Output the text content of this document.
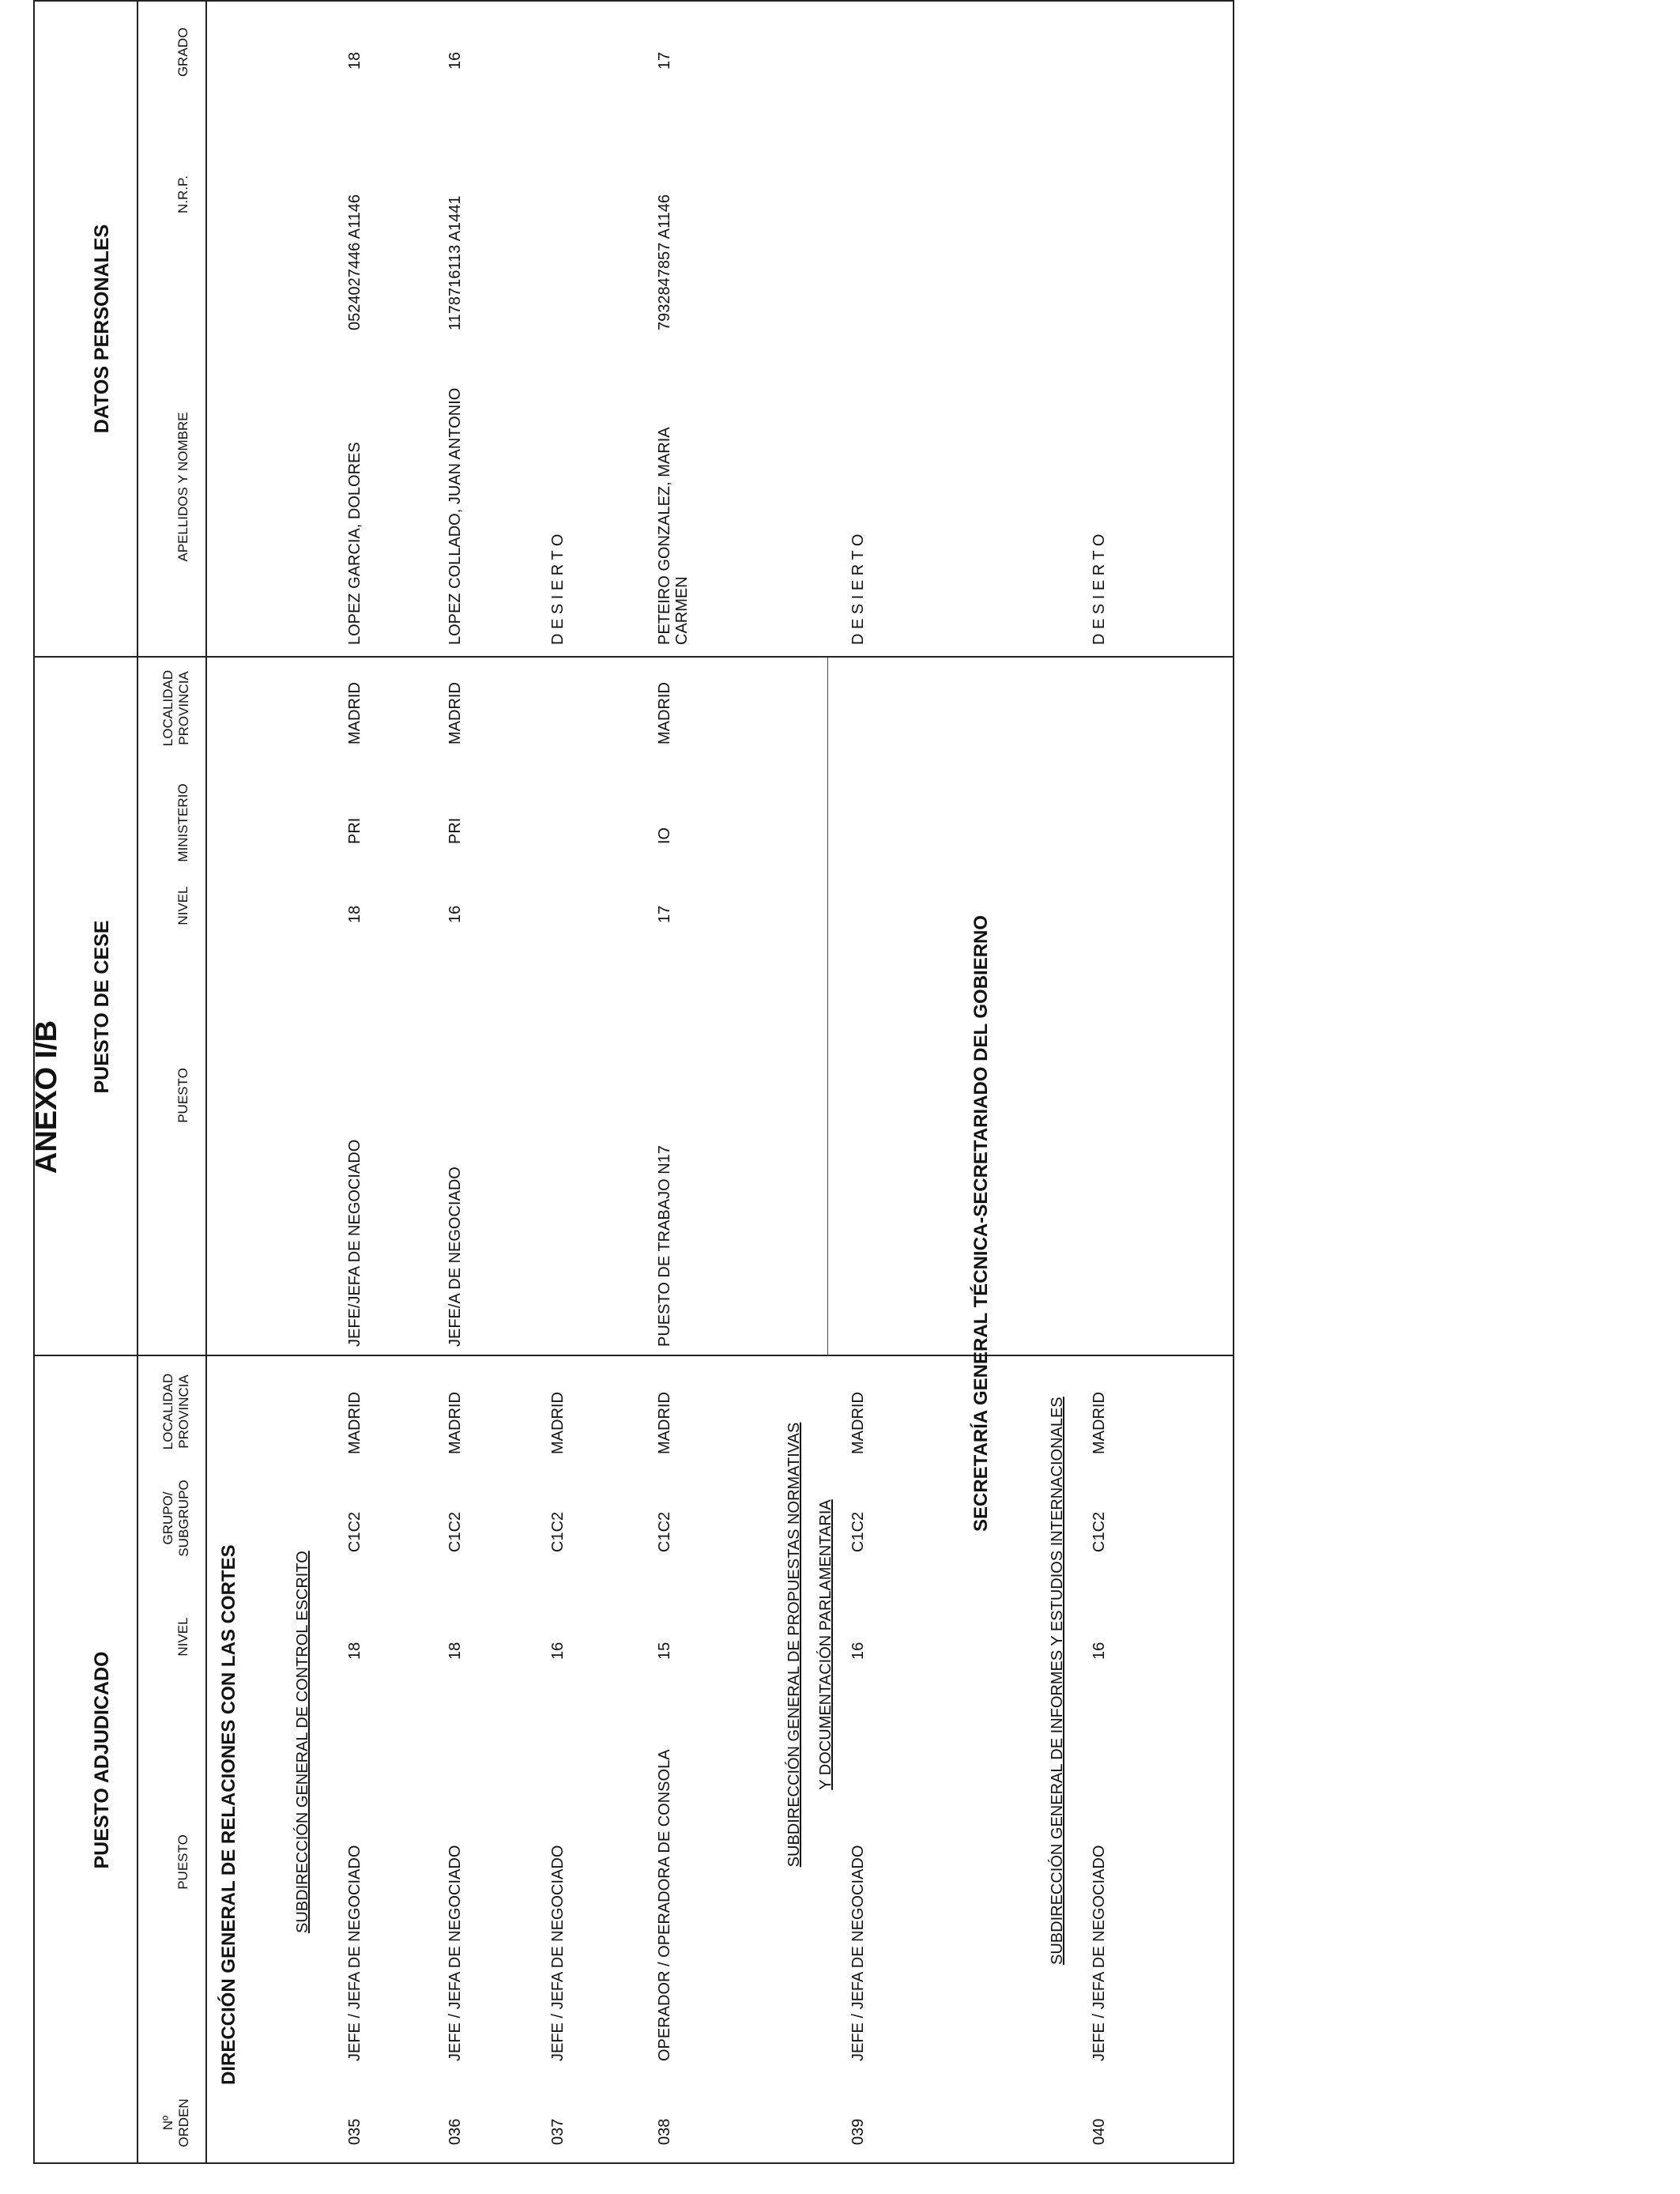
ANEXO I/B
PUESTO ADJUDICADO
PUESTO DE CESE
DATOS PERSONALES
Nº ORDEN
PUESTO
NIVEL
GRUPO/ SUBGRUPO
LOCALIDAD PROVINCIA
PUESTO
NIVEL
MINISTERIO
LOCALIDAD PROVINCIA
APELLIDOS Y NOMBRE
N.R.P.
GRADO
DIRECCIÓN GENERAL DE RELACIONES CON LAS CORTES
SECRETARÍA GENERAL TÉCNICA-SECRETARIADO DEL GOBIERNO
SUBDIRECCIÓN GENERAL DE CONTROL ESCRITO	SUBDIRECCIÓN GENERAL DE PROPUESTAS NORMATIVAS Y DOCUMENTACIÓN PARLAMENTARIA	SUBDIRECCIÓN GENERAL DE INFORMES Y ESTUDIOS INTERNACIONALES
035
JEFE / JEFA DE NEGOCIADO
18
C1C2
MADRID
JEFE/JEFA DE NEGOCIADO
18
PRI
MADRID
0524027446 A1146
18
LOPEZ GARCIA, DOLORES
036
JEFE / JEFA DE NEGOCIADO
18
C1C2
MADRID
JEFE/A DE NEGOCIADO
16
PRI
MADRID
1178716113 A1441
16
LOPEZ COLLADO, JUAN ANTONIO
037
JEFE / JEFA DE NEGOCIADO
16
C1C2
MADRID
D E S I E R T O
038
OPERADOR / OPERADORA DE CONSOLA
15
C1C2
MADRID
PUESTO DE TRABAJO N17
17
IO
MADRID
7932847857 A1146
17
PETEIRO GONZALEZ, MARIA CARMEN
039
JEFE / JEFA DE NEGOCIADO
16
C1C2
MADRID
D E S I E R T O
040
JEFE / JEFA DE NEGOCIADO
16
C1C2
MADRID
D E S I E R T O
